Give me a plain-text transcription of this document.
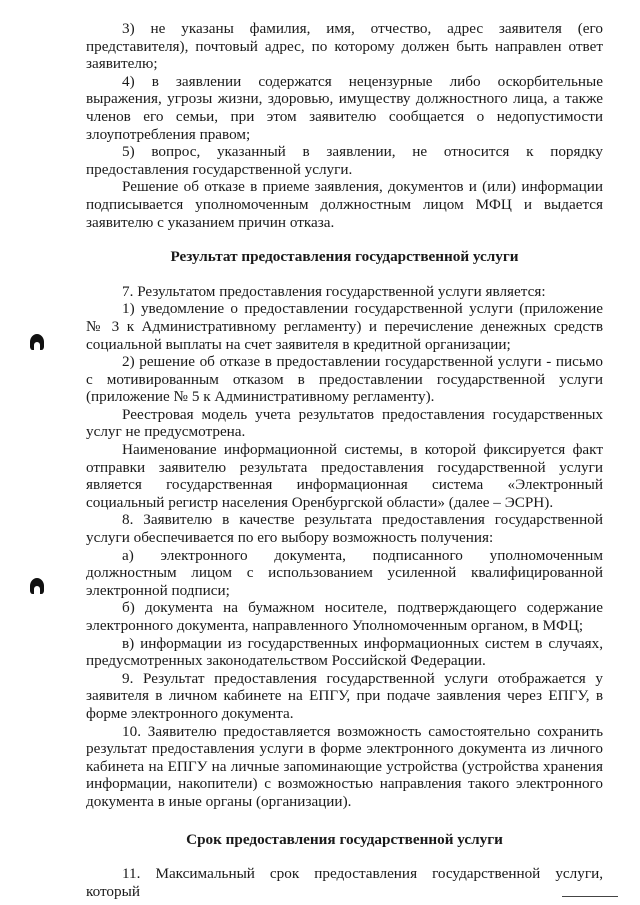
3) не указаны фамилия, имя, отчество, адрес заявителя (его представителя), почтовый адрес, по которому должен быть направлен ответ заявителю;

4) в заявлении содержатся нецензурные либо оскорбительные выражения, угрозы жизни, здоровью, имуществу должностного лица, а также членов его семьи, при этом заявителю сообщается о недопустимости злоупотребления правом;

5) вопрос, указанный в заявлении, не относится к порядку предоставления государственной услуги.

Решение об отказе в приеме заявления, документов и (или) информации подписывается уполномоченным должностным лицом МФЦ и выдается заявителю с указанием причин отказа.

Результат предоставления государственной услуги

7. Результатом предоставления государственной услуги является:

1) уведомление о предоставлении государственной услуги (приложение № 3 к Административному регламенту) и перечисление денежных средств социальной выплаты на счет заявителя в кредитной организации;

2) решение об отказе в предоставлении государственной услуги - письмо с мотивированным отказом в предоставлении государственной услуги (приложение № 5 к Административному регламенту).

Реестровая модель учета результатов предоставления государственных услуг не предусмотрена.

Наименование информационной системы, в которой фиксируется факт отправки заявителю результата предоставления государственной услуги является государственная информационная система «Электронный социальный регистр населения Оренбургской области» (далее – ЭСРН).

8. Заявителю в качестве результата предоставления государственной услуги обеспечивается по его выбору возможность получения:

а) электронного документа, подписанного уполномоченным должностным лицом с использованием усиленной квалифицированной электронной подписи;

б) документа на бумажном носителе, подтверждающего содержание электронного документа, направленного Уполномоченным органом, в МФЦ;

в) информации из государственных информационных систем в случаях, предусмотренных законодательством Российской Федерации.

9. Результат предоставления государственной услуги отображается у заявителя в личном кабинете на ЕПГУ, при подаче заявления через ЕПГУ, в форме электронного документа.

10. Заявителю предоставляется возможность самостоятельно сохранить результат предоставления услуги в форме электронного документа из личного кабинета на ЕПГУ на личные запоминающие устройства (устройства хранения информации, накопители) с возможностью направления такого электронного документа в иные органы (организации).

Срок предоставления государственной услуги

11. Максимальный срок предоставления государственной услуги, который
